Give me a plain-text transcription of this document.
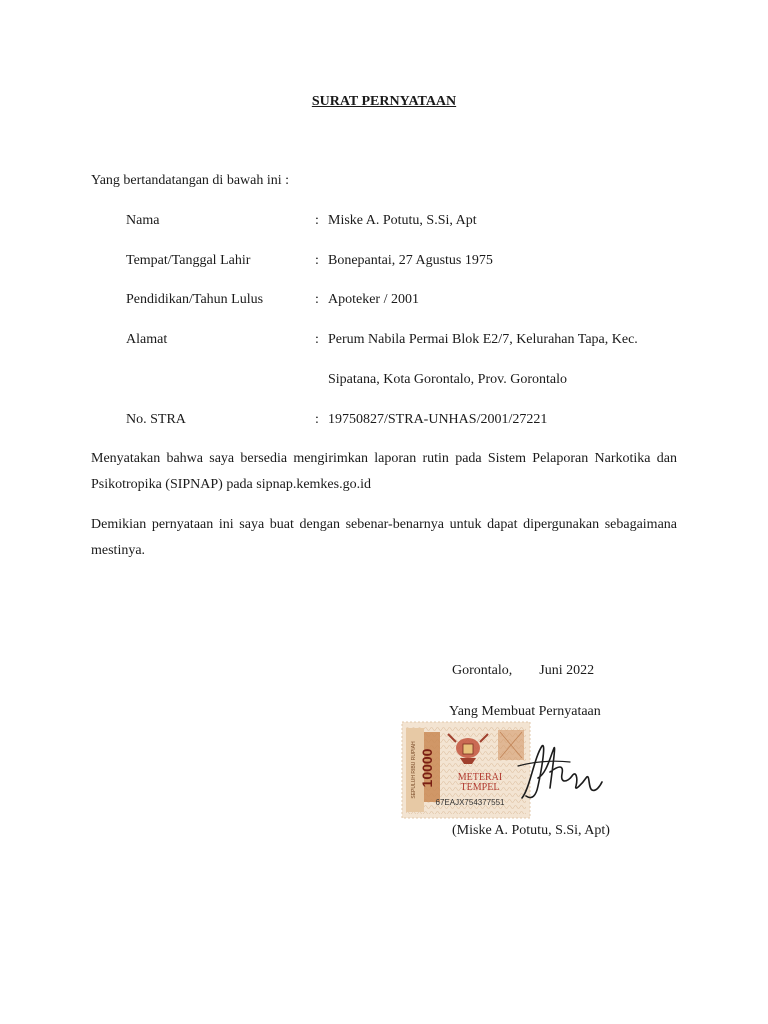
SURAT PERNYATAAN
Yang bertandatangan di bawah ini :
Nama	: Miske A. Potutu, S.Si, Apt
Tempat/Tanggal Lahir	: Bonepantai, 27 Agustus 1975
Pendidikan/Tahun Lulus	: Apoteker / 2001
Alamat	: Perum Nabila Permai Blok E2/7, Kelurahan Tapa, Kec.
Sipatana, Kota Gorontalo, Prov. Gorontalo
No. STRA	: 19750827/STRA-UNHAS/2001/27221
Menyatakan bahwa saya bersedia mengirimkan laporan rutin pada Sistem Pelaporan Narkotika dan Psikotropika (SIPNAP) pada sipnap.kemkes.go.id
Demikian pernyataan ini saya buat dengan sebenar-benarnya untuk dapat dipergunakan sebagaimana mestinya.
Gorontalo, Juni 2022
Yang Membuat Pernyataan
SEPULUH RIBU RUPIAH 10000 METERAI
TEMPEL
67EAJX754377551
(Miske A. Potutu, S.Si, Apt)
